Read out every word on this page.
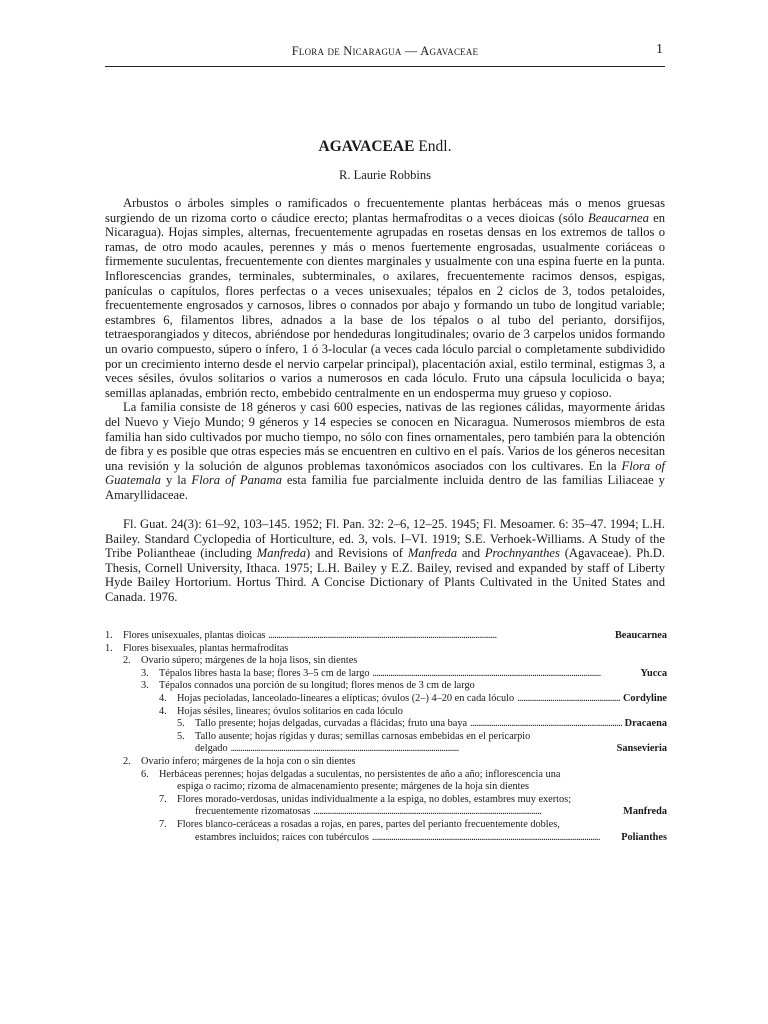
Flora de Nicaragua — Agavaceae	1
AGAVACEAE Endl.
R. Laurie Robbins

Arbustos o árboles simples o ramificados o frecuentemente plantas herbáceas más o menos gruesas surgiendo de un rizoma corto o cáudice erecto; plantas hermafroditas o a veces dioicas (sólo Beaucarnea en Nicaragua). Hojas simples, alternas, frecuentemente agrupadas en rosetas densas en los extremos de tallos o ramas, de otro modo acaules, perennes y más o menos fuertemente engrosadas, usualmente coriáceas o firmemente suculentas, frecuentemente con dientes marginales y usualmente con una espina fuerte en la punta. Inflorescencias grandes, terminales, subterminales, o axilares, frecuentemente racimos densos, espigas, panículas o capítulos, flores perfectas o a veces unisexuales; tépalos en 2 ciclos de 3, todos petaloides, frecuentemente engrosados y carnosos, libres o connados por abajo y formando un tubo de longitud variable; estambres 6, filamentos libres, adnados a la base de los tépalos o al tubo del perianto, dorsifijos, tetraesporangiados y ditecos, abriéndose por hendeduras longitudinales; ovario de 3 carpelos unidos formando un ovario compuesto, súpero o ínfero, 1 ó 3-locular (a veces cada lóculo parcial o completamente subdividido por un crecimiento interno desde el nervio carpelar principal), placentación axial, estilo terminal, estigmas 3, a veces sésiles, óvulos solitarios o varios a numerosos en cada lóculo. Fruto una cápsula loculicida o baya; semillas aplanadas, embrión recto, embebido centralmente en un endosperma muy grueso y copioso.

La familia consiste de 18 géneros y casi 600 especies, nativas de las regiones cálidas, mayormente áridas del Nuevo y Viejo Mundo; 9 géneros y 14 especies se conocen en Nicaragua. Numerosos miembros de esta familia han sido cultivados por mucho tiempo, no sólo con fines ornamentales, pero también para la obtención de fibra y es posible que otras especies más se encuentren en cultivo en el país. Varios de los géneros necesitan una revisión y la solución de algunos problemas taxonómicos asociados con los cultivares. En la Flora of Guatemala y la Flora of Panama esta familia fue parcialmente incluida dentro de las familias Liliaceae y Amaryllidaceae.

Fl. Guat. 24(3): 61–92, 103–145. 1952; Fl. Pan. 32: 2–6, 12–25. 1945; Fl. Mesoamer. 6: 35–47. 1994; L.H. Bailey. Standard Cyclopedia of Horticulture, ed. 3, vols. I–VI. 1919; S.E. Verhoek-Williams. A Study of the Tribe Poliantheae (including Manfreda) and Revisions of Manfreda and Prochnyanthes (Agavaceae). Ph.D. Thesis, Cornell University, Ithaca. 1975; L.H. Bailey y E.Z. Bailey, revised and expanded by staff of Liberty Hyde Bailey Hortorium. Hortus Third. A Concise Dictionary of Plants Cultivated in the United States and Canada. 1976.

1. Flores unisexuales, plantas dioicas . . .	Beaucarnea
1. Flores bisexuales, plantas hermafroditas
2. Ovario súpero; márgenes de la hoja lisos, sin dientes
3. Tépalos libres hasta la base; flores 3–5 cm de largo . . .	Yucca
3. Tépalos connados una porción de su longitud; flores menos de 3 cm de largo
4. Hojas pecioladas, lanceolado-lineares a elípticas; óvulos (2–) 4–20 en cada lóculo . . .	Cordyline
4. Hojas sésiles, lineares; óvulos solitarios en cada lóculo
5. Tallo presente; hojas delgadas, curvadas a flácidas; fruto una baya . . .	Dracaena
5. Tallo ausente; hojas rígidas y duras; semillas carnosas embebidas en el pericarpio
delgado . . .	Sansevieria
2. Ovario ínfero; márgenes de la hoja con o sin dientes
6. Herbáceas perennes; hojas delgadas a suculentas, no persistentes de año a año; inflorescencia una
espiga o racimo; rizoma de almacenamiento presente; márgenes de la hoja sin dientes
7. Flores morado-verdosas, unidas individualmente a la espiga, no dobles, estambres muy exertos;
frecuentemente rizomatosas . . .	Manfreda
7. Flores blanco-ceráceas a rosadas a rojas, en pares, partes del perianto frecuentemente dobles,
estambres incluidos; raíces con tubérculos . . .	Polianthes
